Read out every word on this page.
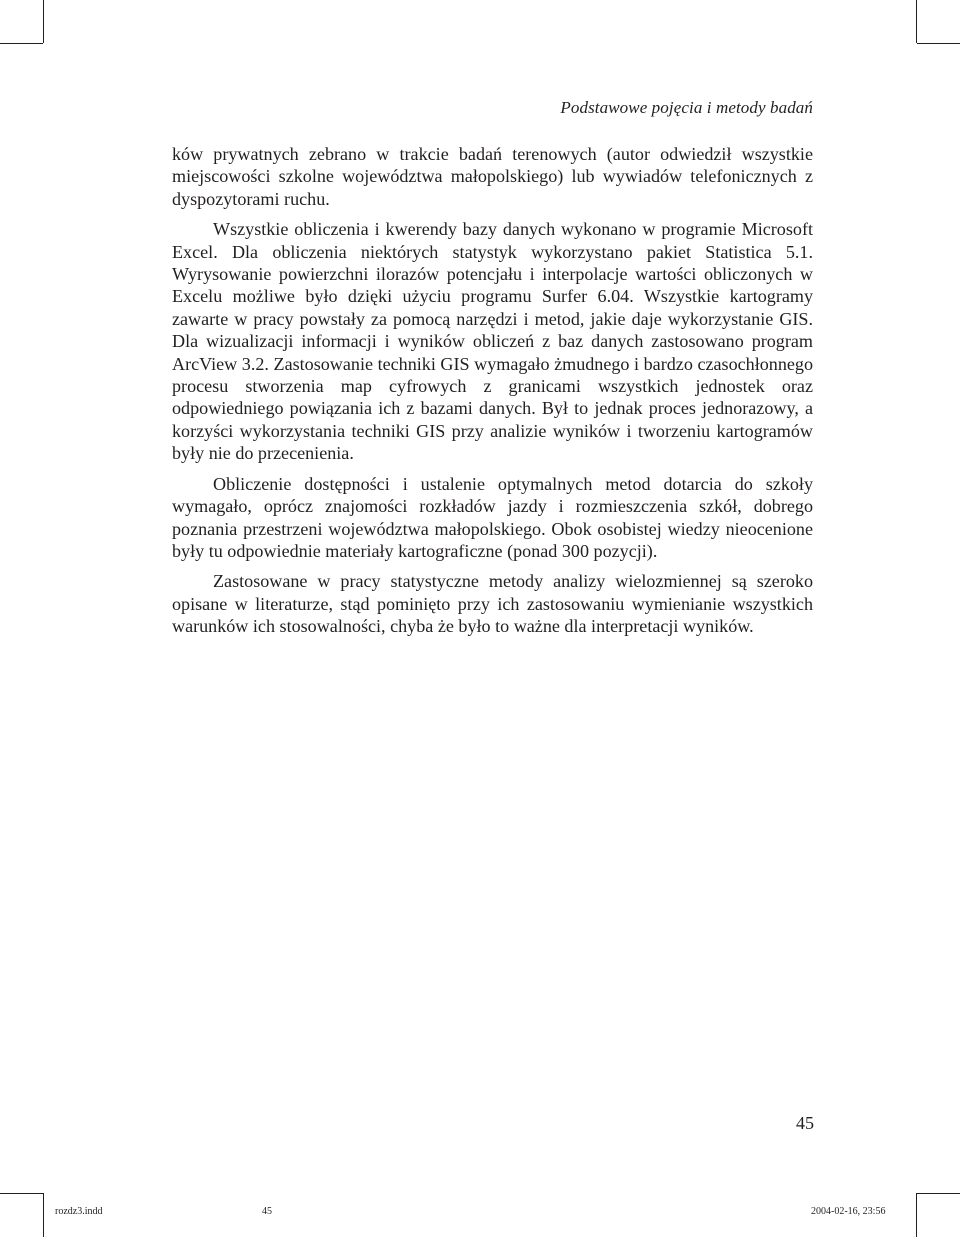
Podstawowe pojęcia i metody badań

ków prywatnych zebrano w trakcie badań terenowych (autor odwiedził wszystkie miejscowości szkolne województwa małopolskiego) lub wywiadów telefonicznych z dyspozytorami ruchu.

Wszystkie obliczenia i kwerendy bazy danych wykonano w programie Microsoft Excel. Dla obliczenia niektórych statystyk wykorzystano pakiet Statistica 5.1. Wyrysowanie powierzchni ilorazów potencjału i interpolacje wartości obliczonych w Excelu możliwe było dzięki użyciu programu Surfer 6.04. Wszystkie kartogramy zawarte w pracy powstały za pomocą narzędzi i metod, jakie daje wykorzystanie GIS. Dla wizualizacji informacji i wyników obliczeń z baz danych zastosowano program ArcView 3.2. Zastosowanie techniki GIS wymagało żmudnego i bardzo czasochłonnego procesu stworzenia map cyfrowych z granicami wszystkich jednostek oraz odpowiedniego powiązania ich z bazami danych. Był to jednak proces jednorazowy, a korzyści wykorzystania techniki GIS przy analizie wyników i tworzeniu kartogramów były nie do przecenienia.

Obliczenie dostępności i ustalenie optymalnych metod dotarcia do szkoły wymagało, oprócz znajomości rozkładów jazdy i rozmieszczenia szkół, dobrego poznania przestrzeni województwa małopolskiego. Obok osobistej wiedzy nieocenione były tu odpowiednie materiały kartograficzne (ponad 300 pozycji).

Zastosowane w pracy statystyczne metody analizy wielozmiennej są szeroko opisane w literaturze, stąd pominięto przy ich zastosowaniu wymienianie wszystkich warunków ich stosowalności, chyba że było to ważne dla interpretacji wyników.

45
rozdz3.indd	45	2004-02-16, 23:56
